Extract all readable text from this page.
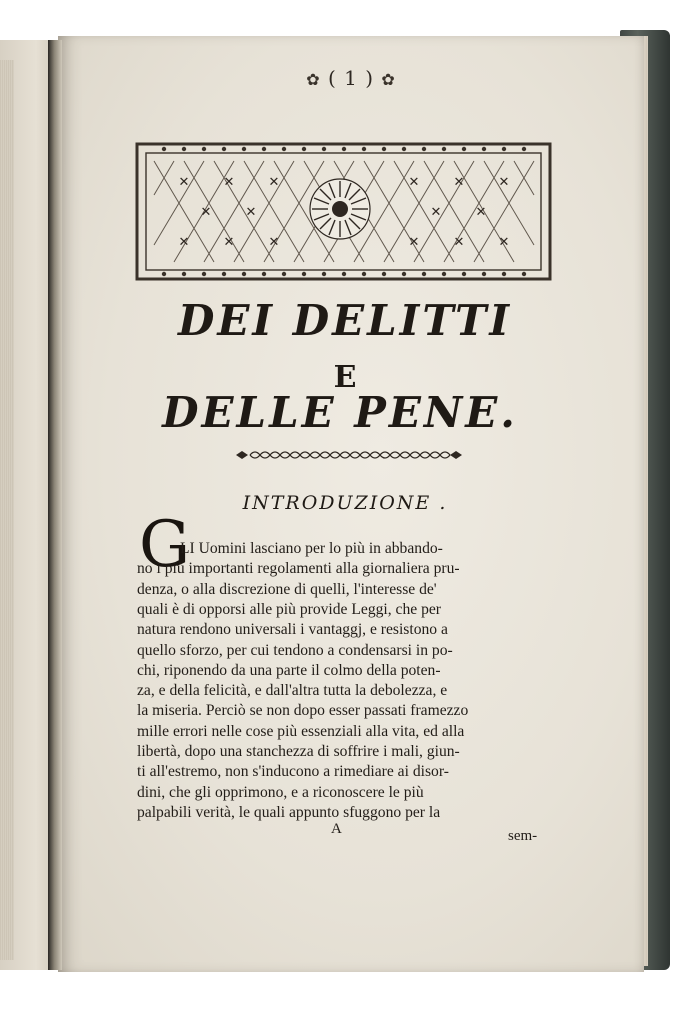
✿ ( 1 ) ✿
✕	✕	✕	✕	✕	✕
✕	✕	✕	✕
✕	✕	✕	✕	✕	✕
DEI DELITTI
E
DELLE PENE.
INTRODUZIONE .
G
LI Uomini lasciano per lo più in abbando-
no i più importanti regolamenti alla giornaliera pru-
denza, o alla discrezione di quelli, l'interesse de'
quali è di opporsi alle più provide Leggi, che per
natura rendono universali i vantaggj, e resistono a
quello sforzo, per cui tendono a condensarsi in po-
chi, riponendo da una parte il colmo della poten-
za, e della felicità, e dall'altra tutta la debolezza, e
la miseria. Perciò se non dopo esser passati framezzo
mille errori nelle cose più essenziali alla vita, ed alla
libertà, dopo una stanchezza di soffrire i mali, giun-
ti all'estremo, non s'inducono a rimediare ai disor-
dini, che gli opprimono, e a riconoscere le più
A	sem-
palpabili verità, le quali appunto sfuggono per la
